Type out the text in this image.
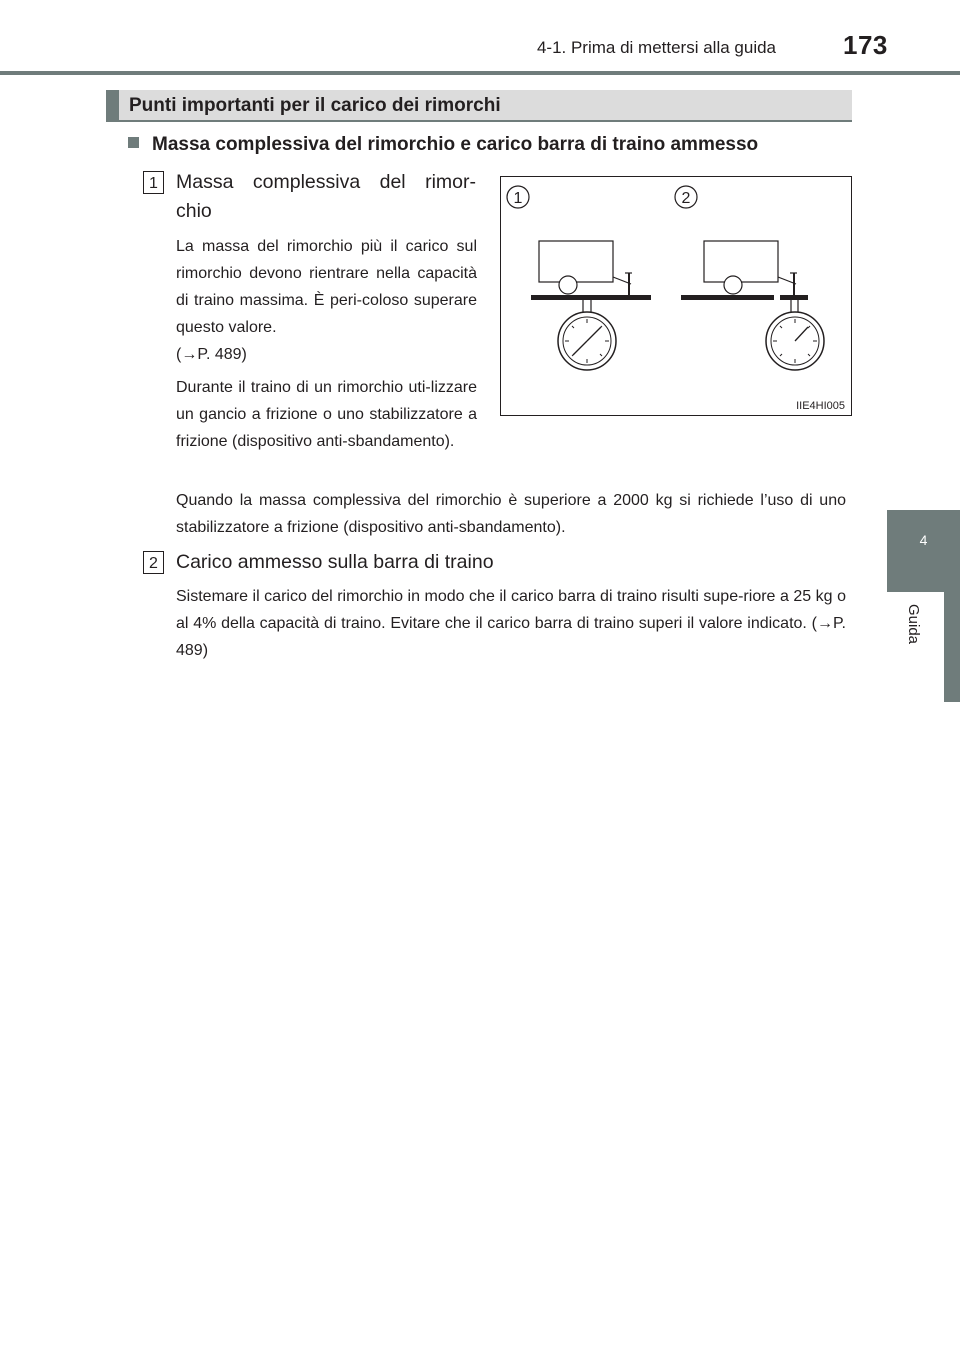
4-1. Prima di mettersi alla guida	173
4
Guida
Punti importanti per il carico dei rimorchi
Massa complessiva del rimorchio e carico barra di traino ammesso
1 Massa complessiva del rimor-
chio
La massa del rimorchio più il carico sul rimorchio devono rientrare nella capacità di traino massima. È peri-coloso superare questo valore.
(→P. 489)
Durante il traino di un rimorchio uti-lizzare un gancio a frizione o uno stabilizzatore a frizione (dispositivo anti-sbandamento).
Quando la massa complessiva del rimorchio è superiore a 2000 kg si richiede l’uso di uno stabilizzatore a frizione (dispositivo anti-sbandamento).
2 Carico ammesso sulla barra di traino
Sistemare il carico del rimorchio in modo che il carico barra di traino risulti supe-riore a 25 kg o al 4% della capacità di traino. Evitare che il carico barra di traino superi il valore indicato. (→P. 489)
1	2
IIE4HI005
